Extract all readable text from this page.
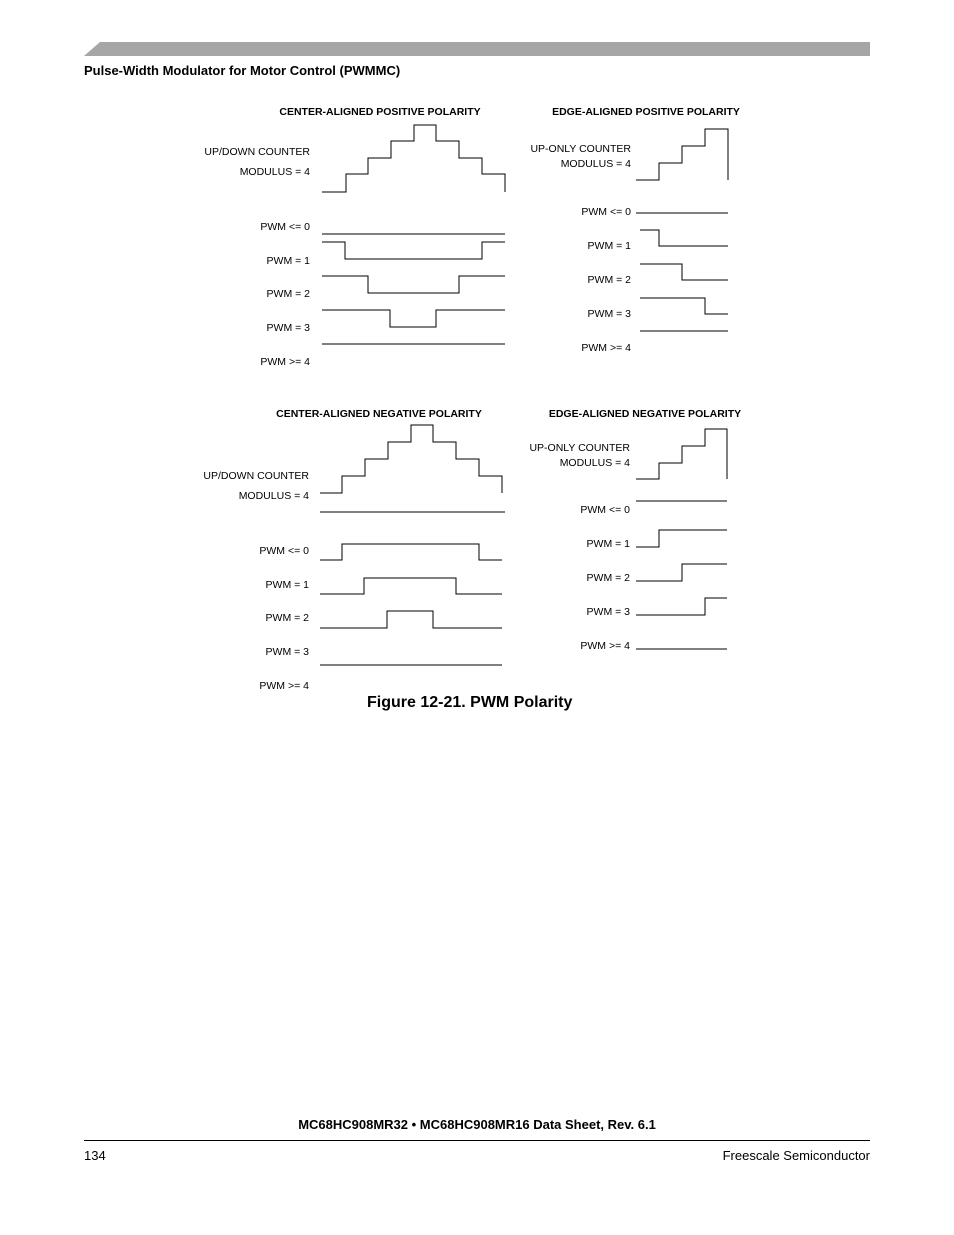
Pulse-Width Modulator for Motor Control (PWMMC)
CENTER-ALIGNED POSITIVE POLARITY
UP/DOWN COUNTER
MODULUS = 4
PWM <= 0
PWM = 1
PWM = 2
PWM = 3
PWM >= 4
EDGE-ALIGNED POSITIVE POLARITY
UP-ONLY COUNTER
MODULUS = 4
PWM <= 0
PWM = 1
PWM = 2
PWM = 3
PWM >= 4
CENTER-ALIGNED NEGATIVE POLARITY
UP/DOWN COUNTER
MODULUS = 4
PWM <= 0
PWM = 1
PWM = 2
PWM = 3
PWM >= 4
EDGE-ALIGNED NEGATIVE POLARITY
UP-ONLY COUNTER
MODULUS = 4
PWM <= 0
PWM = 1
PWM = 2
PWM = 3
PWM >= 4
Figure 12-21. PWM Polarity
MC68HC908MR32 • MC68HC908MR16 Data Sheet, Rev. 6.1
134	Freescale Semiconductor
